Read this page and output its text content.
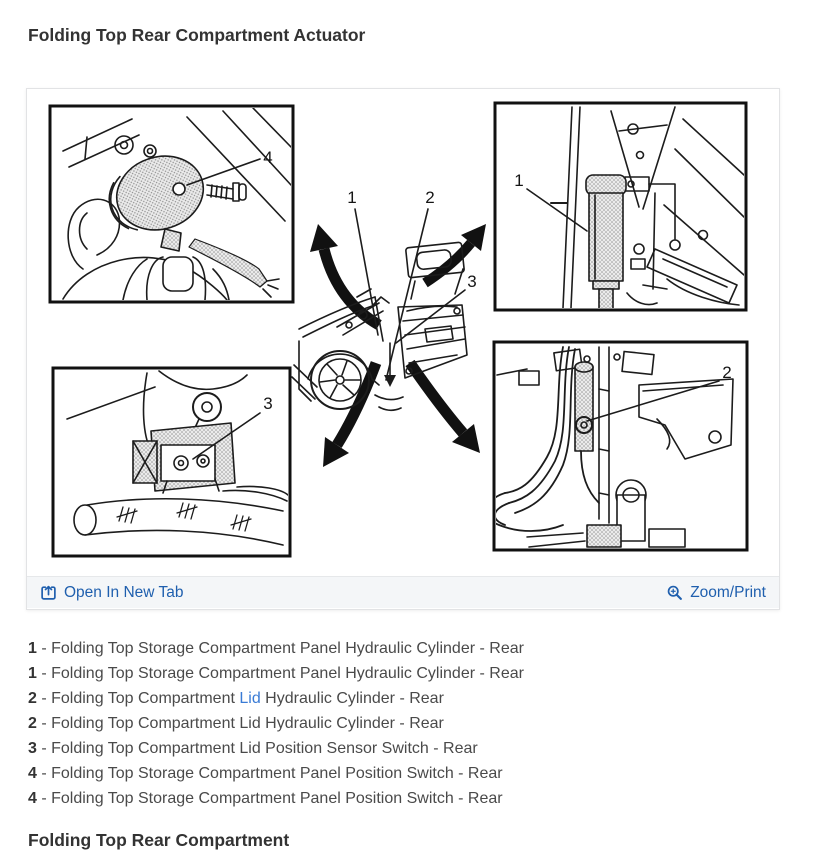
Folding Top Rear Compartment Actuator
4
1
3
2
1	2
3
Open In New Tab	Zoom/Print
1 - Folding Top Storage Compartment Panel Hydraulic Cylinder - Rear
1 - Folding Top Storage Compartment Panel Hydraulic Cylinder - Rear
2 - Folding Top Compartment Lid Hydraulic Cylinder - Rear
2 - Folding Top Compartment Lid Hydraulic Cylinder - Rear
3 - Folding Top Compartment Lid Position Sensor Switch - Rear
4 - Folding Top Storage Compartment Panel Position Switch - Rear
4 - Folding Top Storage Compartment Panel Position Switch - Rear
Folding Top Rear Compartment
